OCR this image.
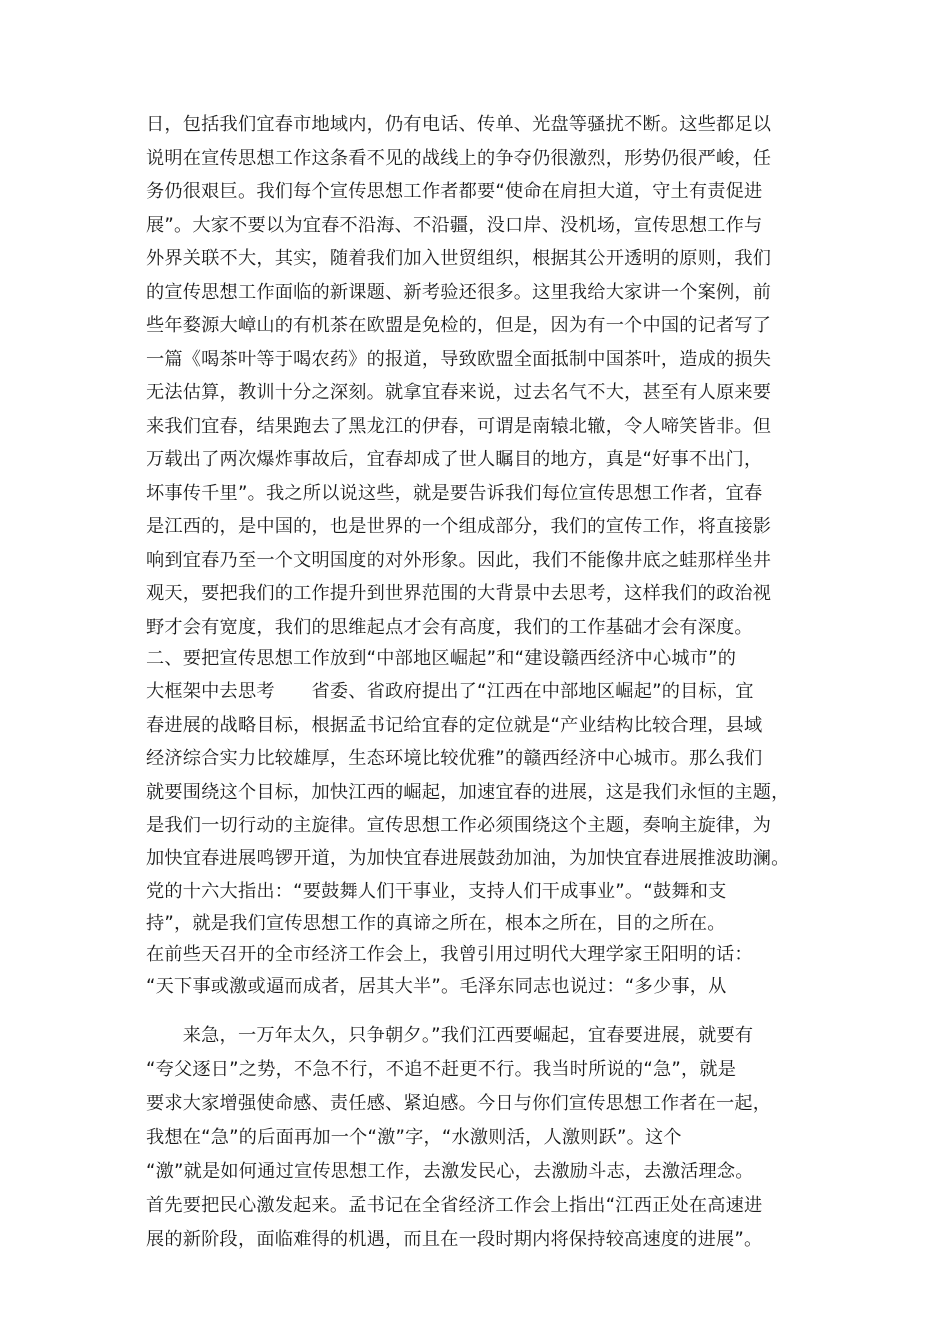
日，包括我们宜春市地域内，仍有电话、传单、光盘等骚扰不断。这些都足以
说明在宣传思想工作这条看不见的战线上的争夺仍很激烈，形势仍很严峻，任
务仍很艰巨。我们每个宣传思想工作者都要“使命在肩担大道，守土有责促进
展”。大家不要以为宜春不沿海、不沿疆，没口岸、没机场，宣传思想工作与
外界关联不大，其实，随着我们加入世贸组织，根据其公开透明的原则，我们
的宣传思想工作面临的新课题、新考验还很多。这里我给大家讲一个案例，前
些年婺源大嶂山的有机茶在欧盟是免检的，但是，因为有一个中国的记者写了
一篇《喝茶叶等于喝农药》的报道，导致欧盟全面抵制中国茶叶，造成的损失
无法估算，教训十分之深刻。就拿宜春来说，过去名气不大，甚至有人原来要
来我们宜春，结果跑去了黑龙江的伊春，可谓是南辕北辙，令人啼笑皆非。但
万载出了两次爆炸事故后，宜春却成了世人瞩目的地方，真是“好事不出门，
坏事传千里”。我之所以说这些，就是要告诉我们每位宣传思想工作者，宜春
是江西的，是中国的，也是世界的一个组成部分，我们的宣传工作，将直接影
响到宜春乃至一个文明国度的对外形象。因此，我们不能像井底之蛙那样坐井
观天，要把我们的工作提升到世界范围的大背景中去思考，这样我们的政治视
野才会有宽度，我们的思维起点才会有高度，我们的工作基础才会有深度。
二、要把宣传思想工作放到“中部地区崛起”和“建设赣西经济中心城市”的
大框架中去思考　　省委、省政府提出了“江西在中部地区崛起”的目标，宜
春进展的战略目标，根据孟书记给宜春的定位就是“产业结构比较合理，县域
经济综合实力比较雄厚，生态环境比较优雅”的赣西经济中心城市。那么我们
就要围绕这个目标，加快江西的崛起，加速宜春的进展，这是我们永恒的主题，
是我们一切行动的主旋律。宣传思想工作必须围绕这个主题，奏响主旋律，为
加快宜春进展鸣锣开道，为加快宜春进展鼓劲加油，为加快宜春进展推波助澜。
党的十六大指出：“要鼓舞人们干事业，支持人们干成事业”。“鼓舞和支
持”，就是我们宣传思想工作的真谛之所在，根本之所在，目的之所在。
在前些天召开的全市经济工作会上，我曾引用过明代大理学家王阳明的话：
“天下事或激或逼而成者，居其大半”。毛泽东同志也说过：“多少事，从
　　来急，一万年太久，只争朝夕。”我们江西要崛起，宜春要进展，就要有
“夸父逐日”之势，不急不行，不追不赶更不行。我当时所说的“急”，就是
要求大家增强使命感、责任感、紧迫感。今日与你们宣传思想工作者在一起，
我想在“急”的后面再加一个“激”字，“水激则活，人激则跃”。这个
“激”就是如何通过宣传思想工作，去激发民心，去激励斗志，去激活理念。
首先要把民心激发起来。孟书记在全省经济工作会上指出“江西正处在高速进
展的新阶段，面临难得的机遇，而且在一段时期内将保持较高速度的进展”。
